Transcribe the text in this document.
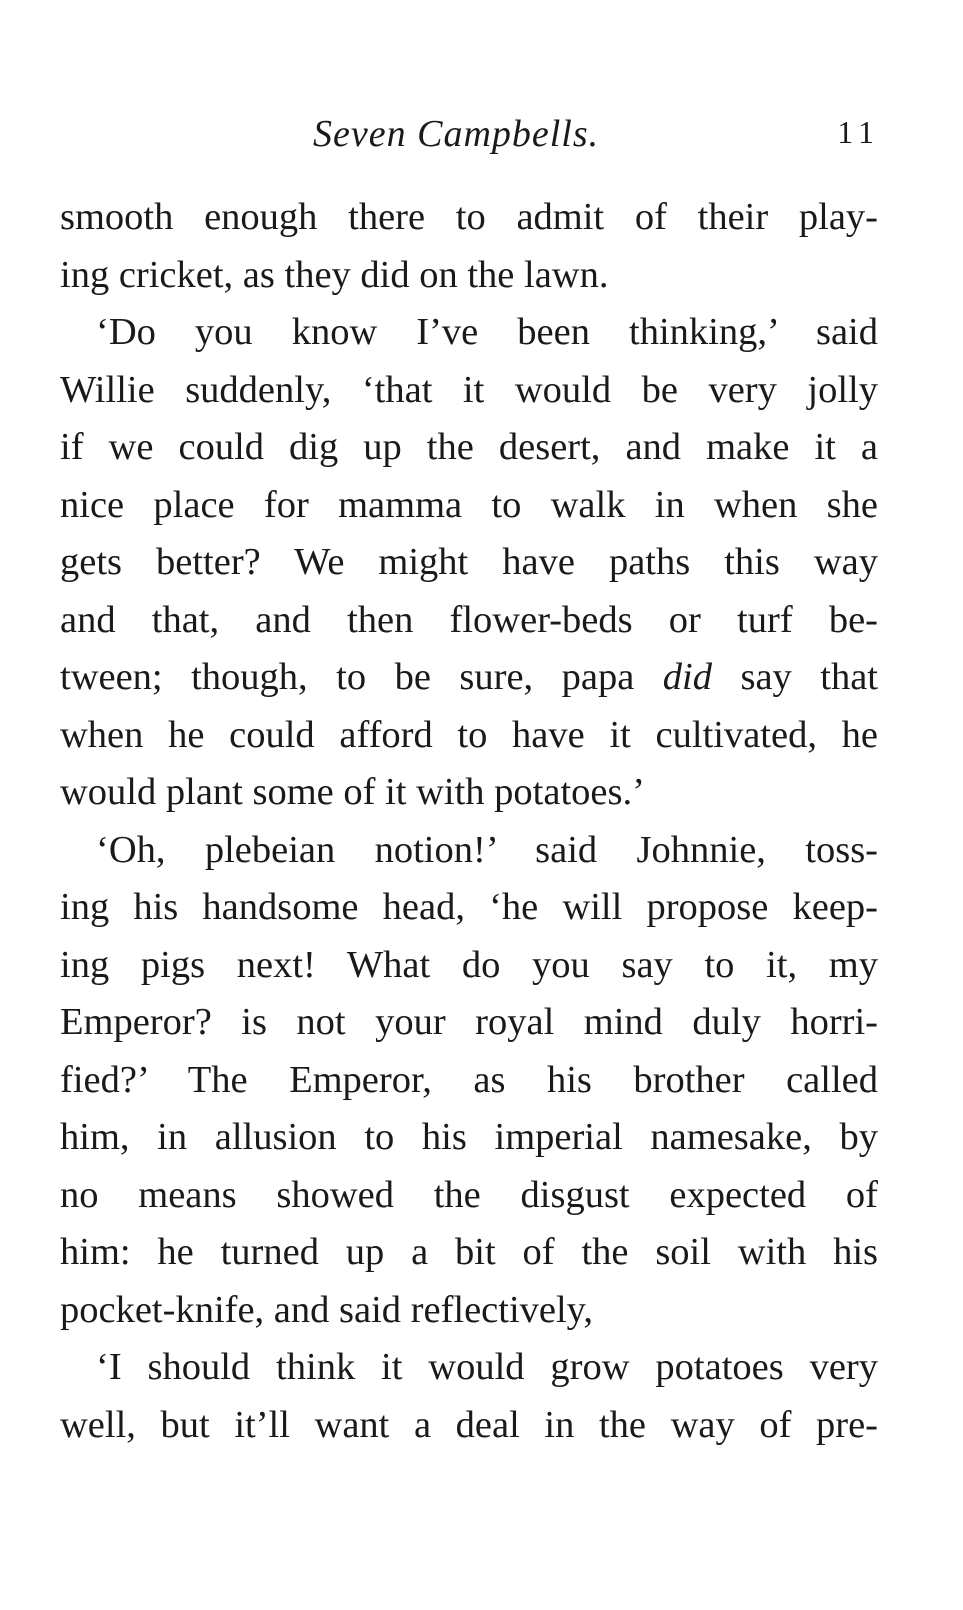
Seven Campbells.	11
smooth enough there to admit of their play-
ing cricket, as they did on the lawn.
‘Do you know I’ve been thinking,’ said
Willie suddenly, ‘that it would be very jolly
if we could dig up the desert, and make it a
nice place for mamma to walk in when she
gets better? We might have paths this way
and that, and then flower-beds or turf be-
tween; though, to be sure, papa did say that
when he could afford to have it cultivated, he
would plant some of it with potatoes.’
‘Oh, plebeian notion!’ said Johnnie, toss-
ing his handsome head, ‘he will propose keep-
ing pigs next! What do you say to it, my
Emperor? is not your royal mind duly horri-
fied?’ The Emperor, as his brother called
him, in allusion to his imperial namesake, by
no means showed the disgust expected of
him: he turned up a bit of the soil with his
pocket-knife, and said reflectively,
‘I should think it would grow potatoes very
well, but it’ll want a deal in the way of pre-
